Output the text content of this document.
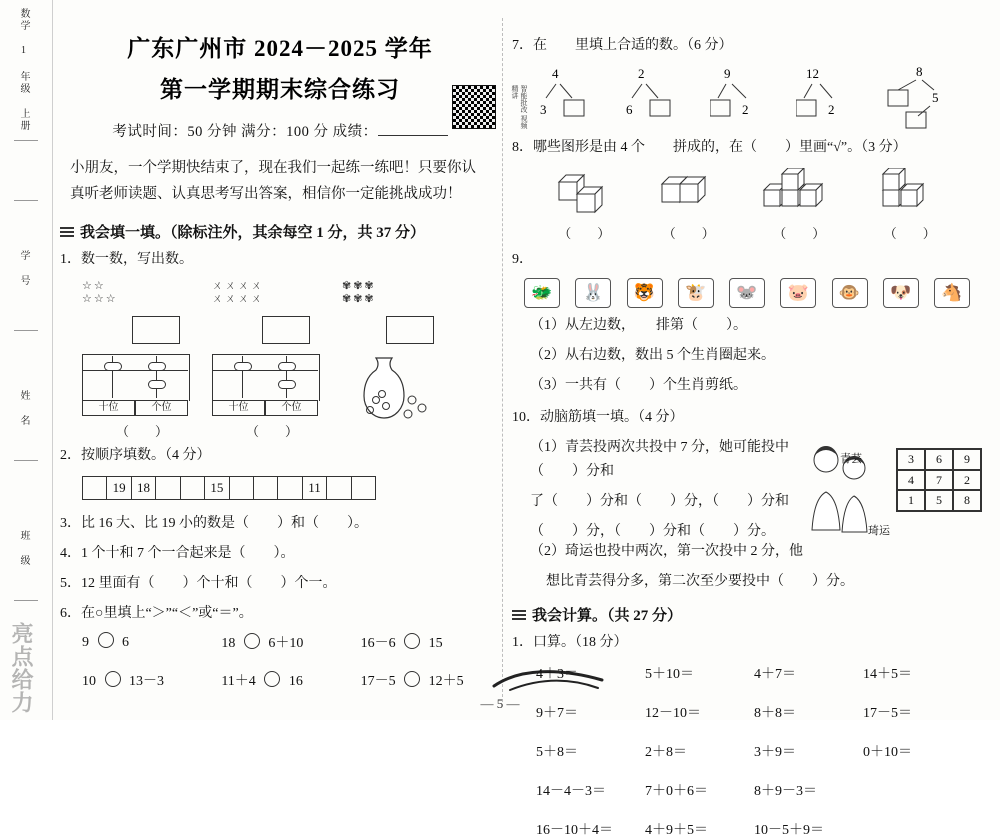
数学 1 年级 上册
学 号
姓 名
班 级
亮点给力
广东广州市 2024－2025 学年
第一学期期末综合练习	智能批改 视频精讲
考试时间：50 分钟 满分：100 分 成绩：
小朋友，一个学期快结束了，现在我们一起练一练吧！只要你认真听老师读题、认真思考写出答案，相信你一定能挑战成功！
我会填一填。（除标注外，其余每空 1 分，共 37 分）
1．数一数，写出数。
☆☆
☆☆☆
十位	个位
（　　）
ㄨㄨㄨㄨ
ㄨㄨㄨㄨ
十位	个位
（　　）
✾✾✾
✾✾✾
2．按顺序填数。（4 分）
19 18	15	11
3．比 16 大、比 19 小的数是（　　）和（　　）。
4．1 个十和 7 个一合起来是（　　）。
5．12 里面有（　　）个十和（　　）个一。
6．在○里填上“＞”“＜”或“＝”。
9 6	18 6＋10	16－6 15
10 13－3	11＋4 16	17－5 12＋5
7．在　　里填上合适的数。（6 分）
4
3
2
6
9
2
12
2
8
5
8．哪些图形是由 4 个　　拼成的，在（　　）里画“√”。（3 分）
（　　）	（　　）	（　　）	（　　）
9．
🐲	🐰	🐯	🐮	🐭	🐷	🐵	🐶	🐴
（1）从左边数，　　排第（　　）。
（2）从右边数，数出 5 个生肖圈起来。
（3）一共有（　　）个生肖剪纸。
10．动脑筋填一填。（4 分）
（1）青芸投两次共投中 7 分，她可能投中（　　）分和
了（　　）分和（　　）分，（　　）分和
（　　）分，（　　）分和（　　）分。
3	6	9
4	7	2
1	5	8
青芸
琦运
（2）琦运也投中两次，第一次投中 2 分，他
想比青芸得分多，第二次至少要投中（　　）分。
我会计算。（共 27 分）
1．口算。（18 分）
4＋3＝	5＋10＝	4＋7＝	14＋5＝
9＋7＝	12－10＝	8＋8＝	17－5＝
5＋8＝	2＋8＝	3＋9＝	0＋10＝
14－4－3＝	7＋0＋6＝	8＋9－3＝
16－10＋4＝	4＋9＋5＝	10－5＋9＝
— 5 —
